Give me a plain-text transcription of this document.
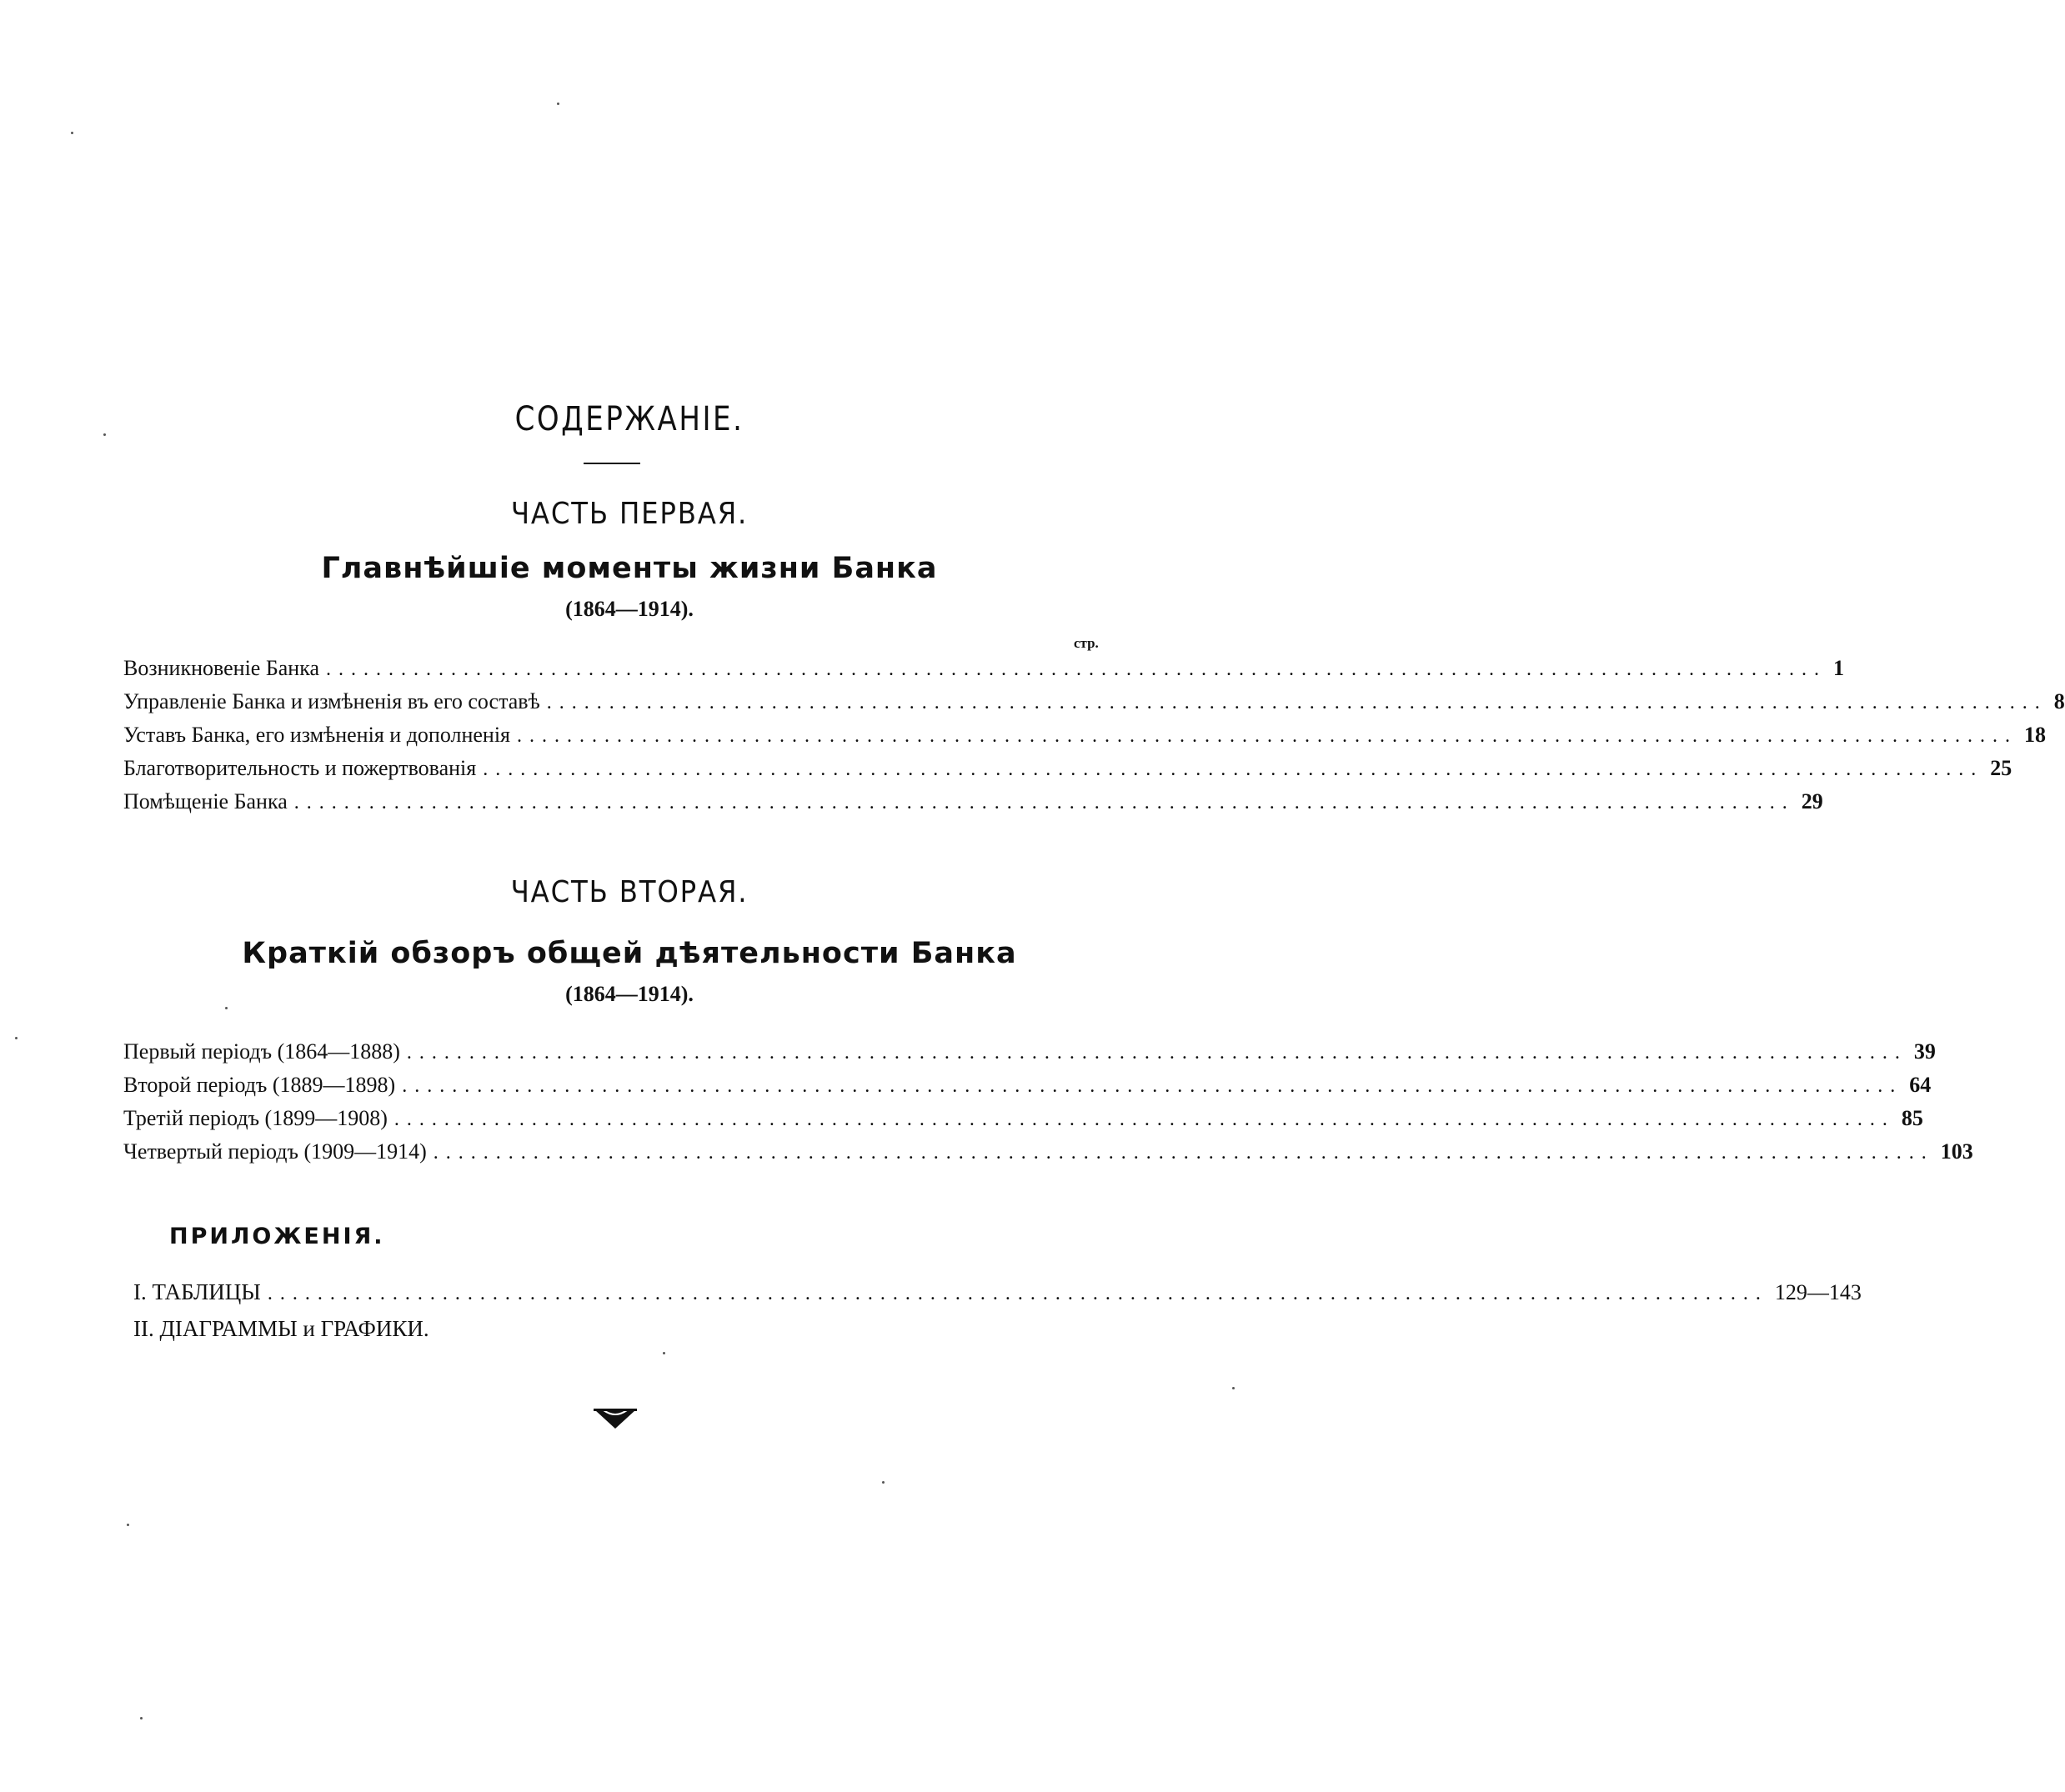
СОДЕРЖАНІЕ.
ЧАСТЬ ПЕРВАЯ.
Главнѣйшіе моменты жизни Банка
(1864—1914).
стр.
Возникновеніе Банка ........................................................................................................................ 1
Управленіе Банка и измѣненія въ его составѣ ........................................................................................................................ 8
Уставъ Банка, его измѣненія и дополненія ........................................................................................................................ 18
Благотворительность и пожертвованія ........................................................................................................................ 25
Помѣщеніе Банка ........................................................................................................................ 29
ЧАСТЬ ВТОРАЯ.
Краткій обзоръ общей дѣятельности Банка
(1864—1914).
Первый періодъ (1864—1888) ........................................................................................................................ 39
Второй періодъ (1889—1898) ........................................................................................................................ 64
Третій періодъ (1899—1908) ........................................................................................................................ 85
Четвертый періодъ (1909—1914) ........................................................................................................................ 103
ПРИЛОЖЕНІЯ.
I. ТАБЛИЦЫ ........................................................................................................................ 129—143
II. ДІАГРАММЫ и ГРАФИКИ.
